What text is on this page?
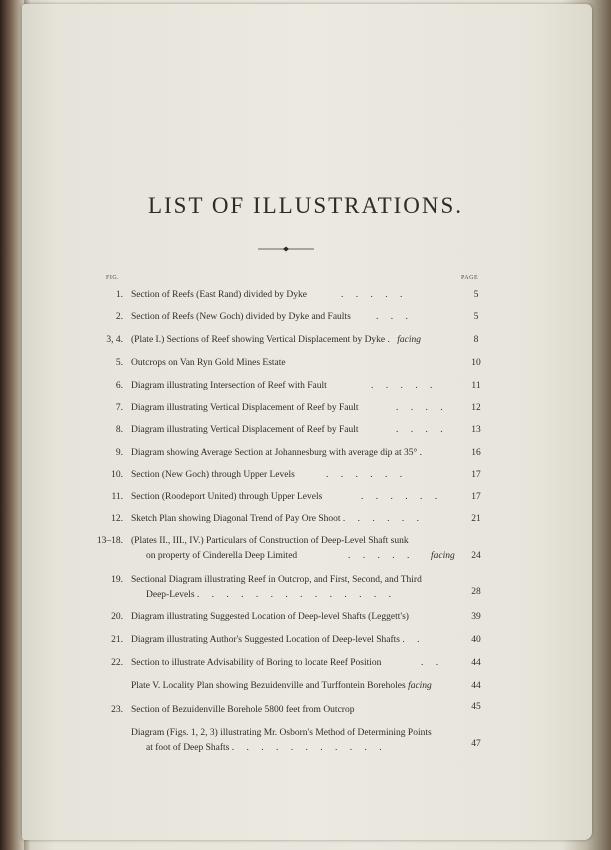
LIST OF ILLUSTRATIONS.
FIG.	PAGE
1. Section of Reefs (East Rand) divided by Dyke	. . . . .	5
2. Section of Reefs (New Goch) divided by Dyke and Faults	. . .	5
3, 4. (Plate I.) Sections of Reef showing Vertical Displacement by Dyke . facing	8
5. Outcrops on Van Ryn Gold Mines Estate	10
6. Diagram illustrating Intersection of Reef with Fault	. . . . .	11
7. Diagram illustrating Vertical Displacement of Reef by Fault	. . . .	12
8. Diagram illustrating Vertical Displacement of Reef by Fault	. . . .	13
9. Diagram showing Average Section at Johannesburg with average dip at 35° .	16
10. Section (New Goch) through Upper Levels	. . . . . .	17
11. Section (Roodeport United) through Upper Levels	. . . . . .	17
12. Sketch Plan showing Diagonal Trend of Pay Ore Shoot . . . . . .	21
13–18. (Plates II., III., IV.) Particulars of Construction of Deep-Level Shaft sunk
on property of Cinderella Deep Limited	. . . . . facing	24
19. Sectional Diagram illustrating Reef in Outcrop, and First, Second, and Third
Deep-Levels . . . . . . . . . . . . . .	28
20. Diagram illustrating Suggested Location of Deep-level Shafts (Leggett's)	39
21. Diagram illustrating Author's Suggested Location of Deep-level Shafts . .	40
22. Section to illustrate Advisability of Boring to locate Reef Position	. .	44
Plate V. Locality Plan showing Bezuidenville and Turffontein Boreholes facing	44
23. Section of Bezuidenville Borehole 5800 feet from Outcrop	45
Diagram (Figs. 1, 2, 3) illustrating Mr. Osborn's Method of Determining Points
at foot of Deep Shafts . . . . . . . . . . .	47
